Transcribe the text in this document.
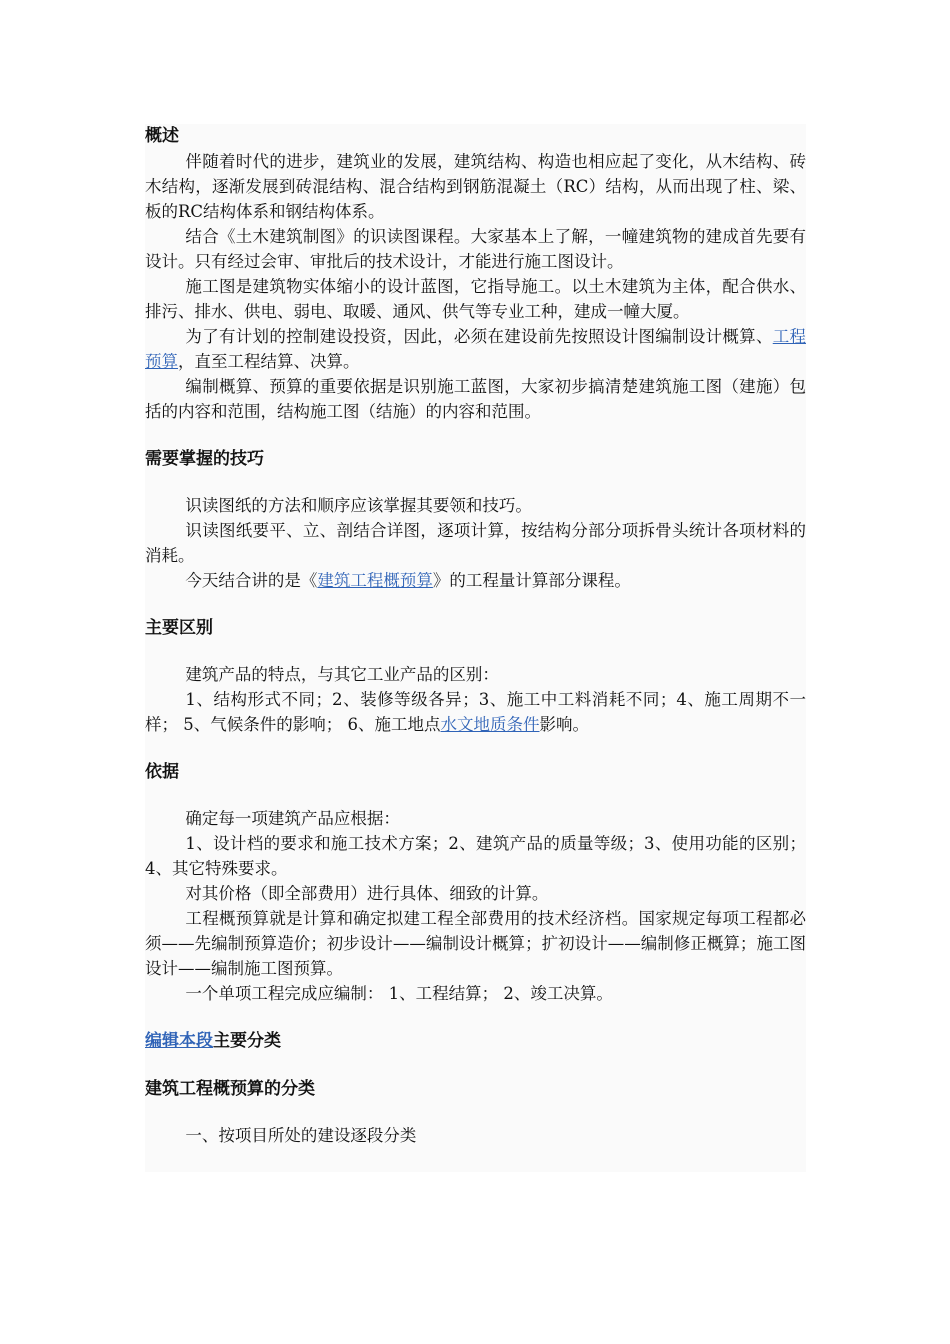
概述

伴随着时代的进步，建筑业的发展，建筑结构、构造也相应起了变化，从木结构、砖木结构，逐渐发展到砖混结构、混合结构到钢筋混凝土（RC）结构，从而出现了柱、梁、板的RC结构体系和钢结构体系。

结合《土木建筑制图》的识读图课程。大家基本上了解，一幢建筑物的建成首先要有设计。只有经过会审、审批后的技术设计，才能进行施工图设计。

施工图是建筑物实体缩小的设计蓝图，它指导施工。以土木建筑为主体，配合供水、排污、排水、供电、弱电、取暖、通风、供气等专业工种，建成一幢大厦。

为了有计划的控制建设投资，因此，必须在建设前先按照设计图编制设计概算、工程预算，直至工程结算、决算。

编制概算、预算的重要依据是识别施工蓝图，大家初步搞清楚建筑施工图（建施）包括的内容和范围，结构施工图（结施）的内容和范围。

需要掌握的技巧

识读图纸的方法和顺序应该掌握其要领和技巧。

识读图纸要平、立、剖结合详图，逐项计算，按结构分部分项拆骨头统计各项材料的消耗。

今天结合讲的是《建筑工程概预算》的工程量计算部分课程。

主要区别

建筑产品的特点，与其它工业产品的区别：

1、结构形式不同；2、装修等级各异；3、施工中工料消耗不同；4、施工周期不一样； 5、气候条件的影响； 6、施工地点水文地质条件影响。

依据

确定每一项建筑产品应根据：

1、设计档的要求和施工技术方案；2、建筑产品的质量等级；3、使用功能的区别； 4、其它特殊要求。

对其价格（即全部费用）进行具体、细致的计算。

工程概预算就是计算和确定拟建工程全部费用的技术经济档。国家规定每项工程都必须——先编制预算造价；初步设计——编制设计概算；扩初设计——编制修正概算；施工图设计——编制施工图预算。

一个单项工程完成应编制： 1、工程结算； 2、竣工决算。

编辑本段主要分类
建筑工程概预算的分类

一、按项目所处的建设逐段分类
